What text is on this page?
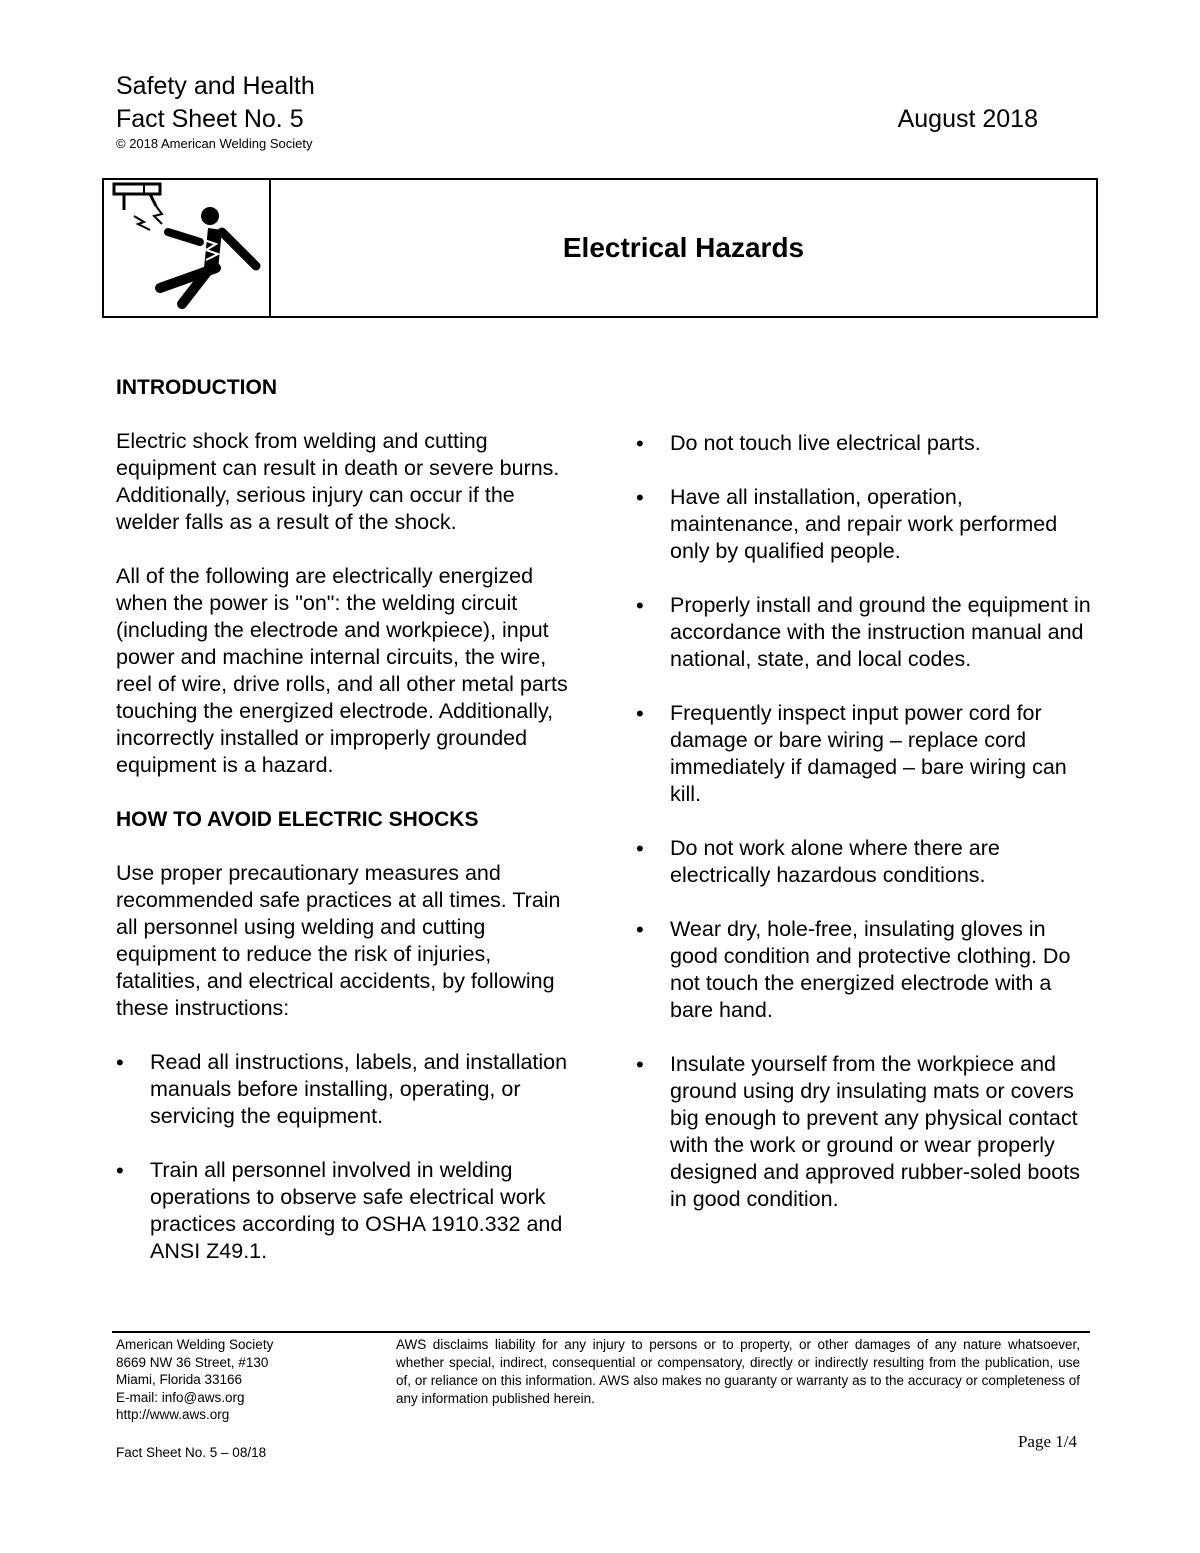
Safety and Health
Fact Sheet No. 5	August 2018
© 2018 American Welding Society
Electrical Hazards
INTRODUCTION

Electric shock from welding and cutting equipment can result in death or severe burns. Additionally, serious injury can occur if the welder falls as a result of the shock.

All of the following are electrically energized when the power is "on": the welding circuit (including the electrode and workpiece), input power and machine internal circuits, the wire, reel of wire, drive rolls, and all other metal parts touching the energized electrode. Additionally, incorrectly installed or improperly grounded equipment is a hazard.

HOW TO AVOID ELECTRIC SHOCKS

Use proper precautionary measures and recommended safe practices at all times. Train all personnel using welding and cutting equipment to reduce the risk of injuries, fatalities, and electrical accidents, by following these instructions:

• Read all instructions, labels, and installation manuals before installing, operating, or servicing the equipment.
• Train all personnel involved in welding operations to observe safe electrical work practices according to OSHA 1910.332 and ANSI Z49.1.
• Do not touch live electrical parts.
• Have all installation, operation, maintenance, and repair work performed only by qualified people.
• Properly install and ground the equipment in accordance with the instruction manual and national, state, and local codes.
• Frequently inspect input power cord for damage or bare wiring – replace cord immediately if damaged – bare wiring can kill.
• Do not work alone where there are electrically hazardous conditions.
• Wear dry, hole-free, insulating gloves in good condition and protective clothing. Do not touch the energized electrode with a bare hand.
• Insulate yourself from the workpiece and ground using dry insulating mats or covers big enough to prevent any physical contact with the work or ground or wear properly designed and approved rubber-soled boots in good condition.
American Welding Society
8669 NW 36 Street, #130
Miami, Florida 33166
E-mail: info@aws.org
http://www.aws.org
AWS disclaims liability for any injury to persons or to property, or other damages of any nature whatsoever, whether special, indirect, consequential or compensatory, directly or indirectly resulting from the publication, use of, or reliance on this information. AWS also makes no guaranty or warranty as to the accuracy or completeness of any information published herein.
Fact Sheet No. 5 – 08/18
Page 1/4
